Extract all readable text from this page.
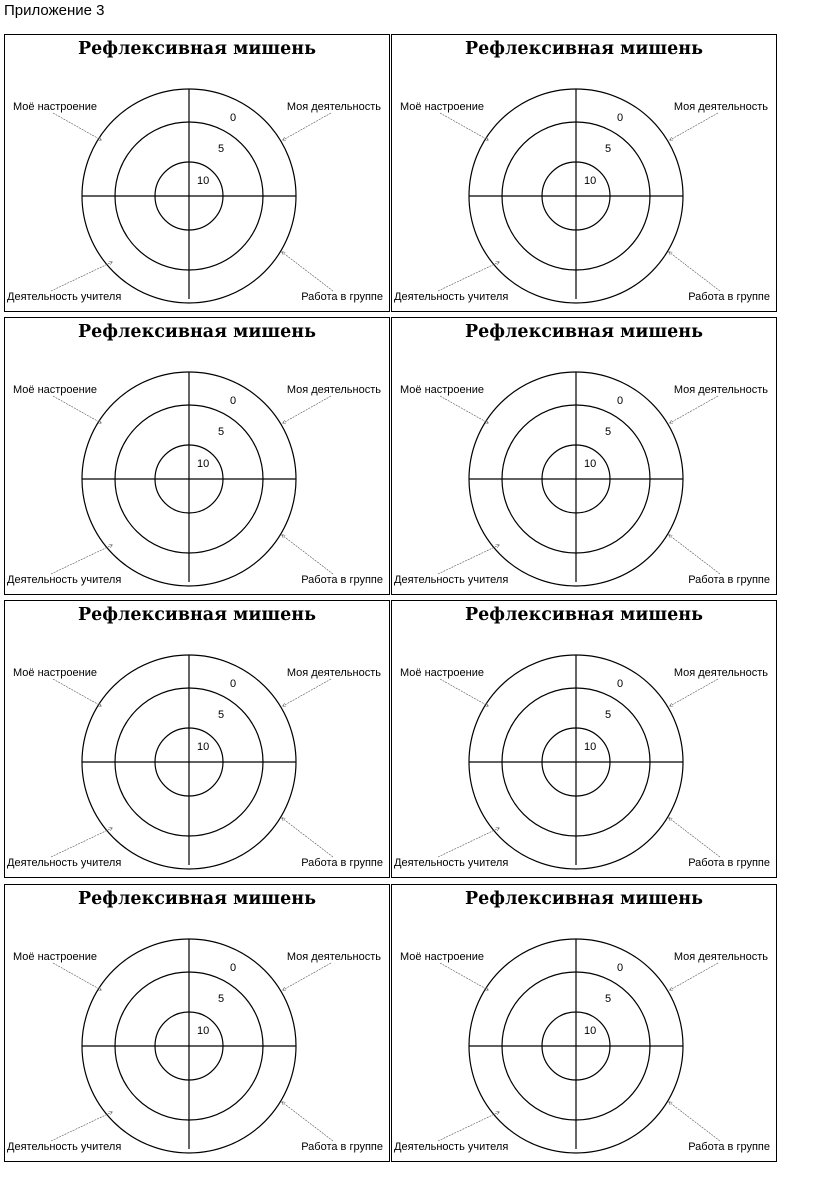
Приложение 3
Рефлексивная мишень
Моё настроение	Моя деятельность
Деятельность учителя	Работа в группе
0
5
10
Рефлексивная мишень
Моё настроение	Моя деятельность
Деятельность учителя	Работа в группе
0
5
10
Рефлексивная мишень
Моё настроение	Моя деятельность
Деятельность учителя	Работа в группе
0
5
10
Рефлексивная мишень
Моё настроение	Моя деятельность
Деятельность учителя	Работа в группе
0
5
10
Рефлексивная мишень
Моё настроение	Моя деятельность
Деятельность учителя	Работа в группе
0
5
10
Рефлексивная мишень
Моё настроение	Моя деятельность
Деятельность учителя	Работа в группе
0
5
10
Рефлексивная мишень
Моё настроение	Моя деятельность
Деятельность учителя	Работа в группе
0
5
10
Рефлексивная мишень
Моё настроение	Моя деятельность
Деятельность учителя	Работа в группе
0
5
10
